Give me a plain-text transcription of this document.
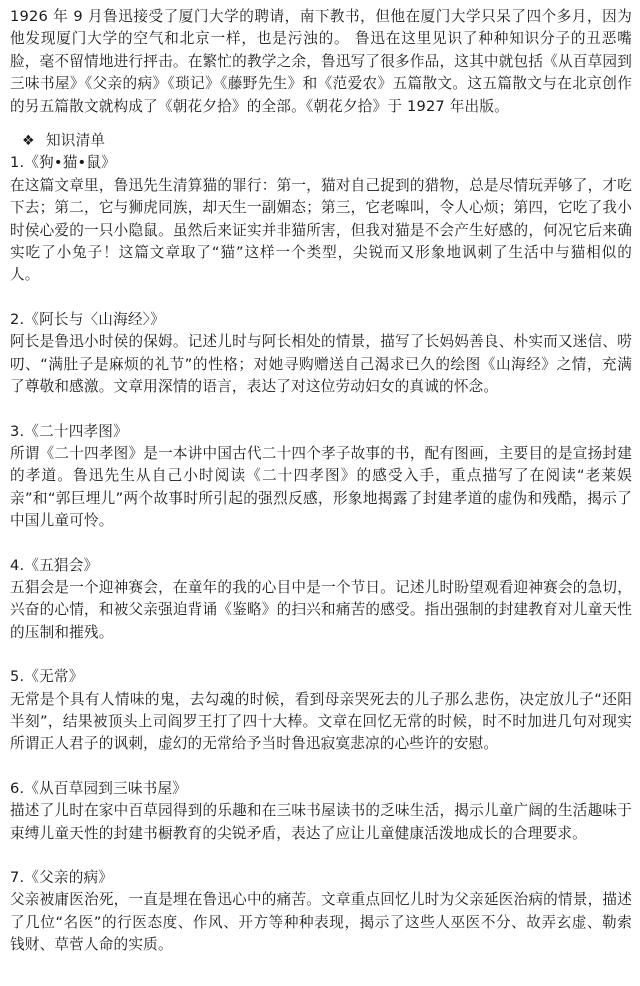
1926 年 9 月鲁迅接受了厦门大学的聘请，南下教书，但他在厦门大学只呆了四个多月，因为他发现厦门大学的空气和北京一样，也是污浊的。 鲁迅在这里见识了种种知识分子的丑恶嘴脸，毫不留情地进行抨击。在繁忙的教学之余，鲁迅写了很多作品，这其中就包括《从百草园到三味书屋》《父亲的病》《琐记》《藤野先生》和《范爱农》五篇散文。这五篇散文与在北京创作的另五篇散文就构成了《朝花夕拾》的全部。《朝花夕拾》于 1927 年出版。

❖
知识清单

1.《狗•猫•鼠》

在这篇文章里，鲁迅先生清算猫的罪行：第一，猫对自己捉到的猎物，总是尽情玩弄够了，才吃下去；第二，它与狮虎同族，却天生一副媚态；第三，它老嗥叫，令人心烦；第四，它吃了我小时侯心爱的一只小隐鼠。虽然后来证实并非猫所害，但我对猫是不会产生好感的，何况它后来确实吃了小兔子！这篇文章取了“猫”这样一个类型，尖锐而又形象地讽刺了生活中与猫相似的人。

2.《阿长与〈山海经〉》

阿长是鲁迅小时侯的保姆。记述儿时与阿长相处的情景，描写了长妈妈善良、朴实而又迷信、唠叨、“满肚子是麻烦的礼节”的性格；对她寻购赠送自己渴求已久的绘图《山海经》之情，充满了尊敬和感激。文章用深情的语言，表达了对这位劳动妇女的真诚的怀念。

3.《二十四孝图》

所谓《二十四孝图》是一本讲中国古代二十四个孝子故事的书，配有图画，主要目的是宣扬封建的孝道。鲁迅先生从自己小时阅读《二十四孝图》的感受入手，重点描写了在阅读“老莱娱亲”和“郭巨埋儿”两个故事时所引起的强烈反感，形象地揭露了封建孝道的虚伪和残酷，揭示了中国儿童可怜。

4.《五猖会》

五猖会是一个迎神赛会，在童年的我的心目中是一个节日。记述儿时盼望观看迎神赛会的急切，兴奋的心情，和被父亲强迫背诵《鉴略》的扫兴和痛苦的感受。指出强制的封建教育对儿童天性的压制和摧残。

5.《无常》

无常是个具有人情味的鬼，去勾魂的时候，看到母亲哭死去的儿子那么悲伤，决定放儿子“还阳半刻”，结果被顶头上司阎罗王打了四十大棒。文章在回忆无常的时候，时不时加进几句对现实所谓正人君子的讽刺，虚幻的无常给予当时鲁迅寂寞悲凉的心些许的安慰。

6.《从百草园到三味书屋》

描述了儿时在家中百草园得到的乐趣和在三味书屋读书的乏味生活，揭示儿童广阔的生活趣味于束缚儿童天性的封建书橱教育的尖锐矛盾，表达了应让儿童健康活泼地成长的合理要求。

7.《父亲的病》

父亲被庸医治死，一直是埋在鲁迅心中的痛苦。文章重点回忆儿时为父亲延医治病的情景，描述了几位“名医”的行医态度、作风、开方等种种表现，揭示了这些人巫医不分、故弄玄虚、勒索钱财、草菅人命的实质。
